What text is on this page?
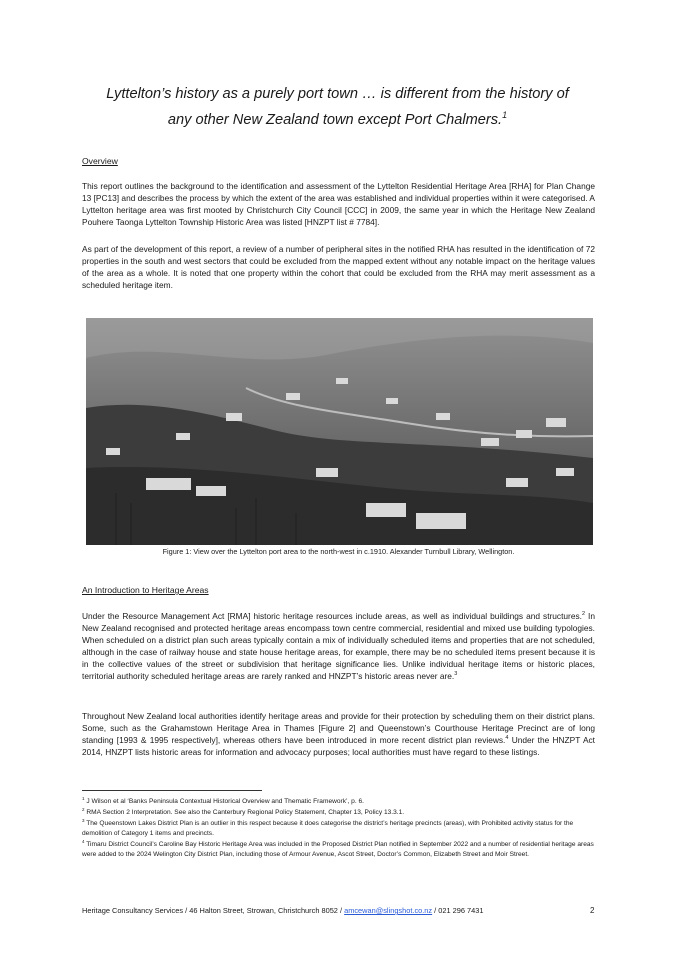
Lyttelton’s history as a purely port town … is different from the history of
any other New Zealand town except Port Chalmers.$^1$
Overview

This report outlines the background to the identification and assessment of the Lyttelton Residential Heritage Area [RHA] for Plan Change 13 [PC13] and describes the process by which the extent of the area was established and individual properties within it were categorised. A Lyttelton heritage area was first mooted by Christchurch City Council [CCC] in 2009, the same year in which the Heritage New Zealand Pouhere Taonga Lyttelton Township Historic Area was listed [HNZPT list # 7784].

As part of the development of this report, a review of a number of peripheral sites in the notified RHA has resulted in the identification of 72 properties in the south and west sectors that could be excluded from the mapped extent without any notable impact on the heritage values of the area as a whole. It is noted that one property within the cohort that could be excluded from the RHA may merit assessment as a scheduled heritage item.

Figure 1: View over the Lyttelton port area to the north-west in c.1910. Alexander Turnbull Library, Wellington.
An Introduction to Heritage Areas

Under the Resource Management Act [RMA] historic heritage resources include areas, as well as individual buildings and structures.$^2$ In New Zealand recognised and protected heritage areas encompass town centre commercial, residential and mixed use building typologies. When scheduled on a district plan such areas typically contain a mix of individually scheduled items and properties that are not scheduled, although in the case of railway house and state house heritage areas, for example, there may be no scheduled items present because it is in the collective values of the street or subdivision that heritage significance lies. Unlike individual heritage items or historic places, territorial authority scheduled heritage areas are rarely ranked and HNZPT’s historic areas never are.$^3$

Throughout New Zealand local authorities identify heritage areas and provide for their protection by scheduling them on their district plans. Some, such as the Grahamstown Heritage Area in Thames [Figure 2] and Queenstown’s Courthouse Heritage Precinct are of long standing [1993 & 1995 respectively], whereas others have been introduced in more recent district plan reviews.$^4$ Under the HNZPT Act 2014, HNZPT lists historic areas for information and advocacy purposes; local authorities must have regard to these listings.

$^1$ J Wilson et al ‘Banks Peninsula Contextual Historical Overview and Thematic Framework’, p. 6.

$^2$ RMA Section 2 Interpretation. See also the Canterbury Regional Policy Statement, Chapter 13, Policy 13.3.1.

$^3$ The Queenstown Lakes District Plan is an outlier in this respect because it does categorise the district’s heritage precincts (areas), with Prohibited activity status for the demolition of Category 1 items and precincts.

$^4$ Timaru District Council’s Caroline Bay Historic Heritage Area was included in the Proposed District Plan notified in September 2022 and a number of residential heritage areas were added to the 2024 Welington City District Plan, including those of Armour Avenue, Ascot Street, Doctor’s Common, Elizabeth Street and Moir Street.

Heritage Consultancy Services / 46 Halton Street, Strowan, Christchurch 8052 / amcewan@slingshot.co.nz / 021 296 7431	2
